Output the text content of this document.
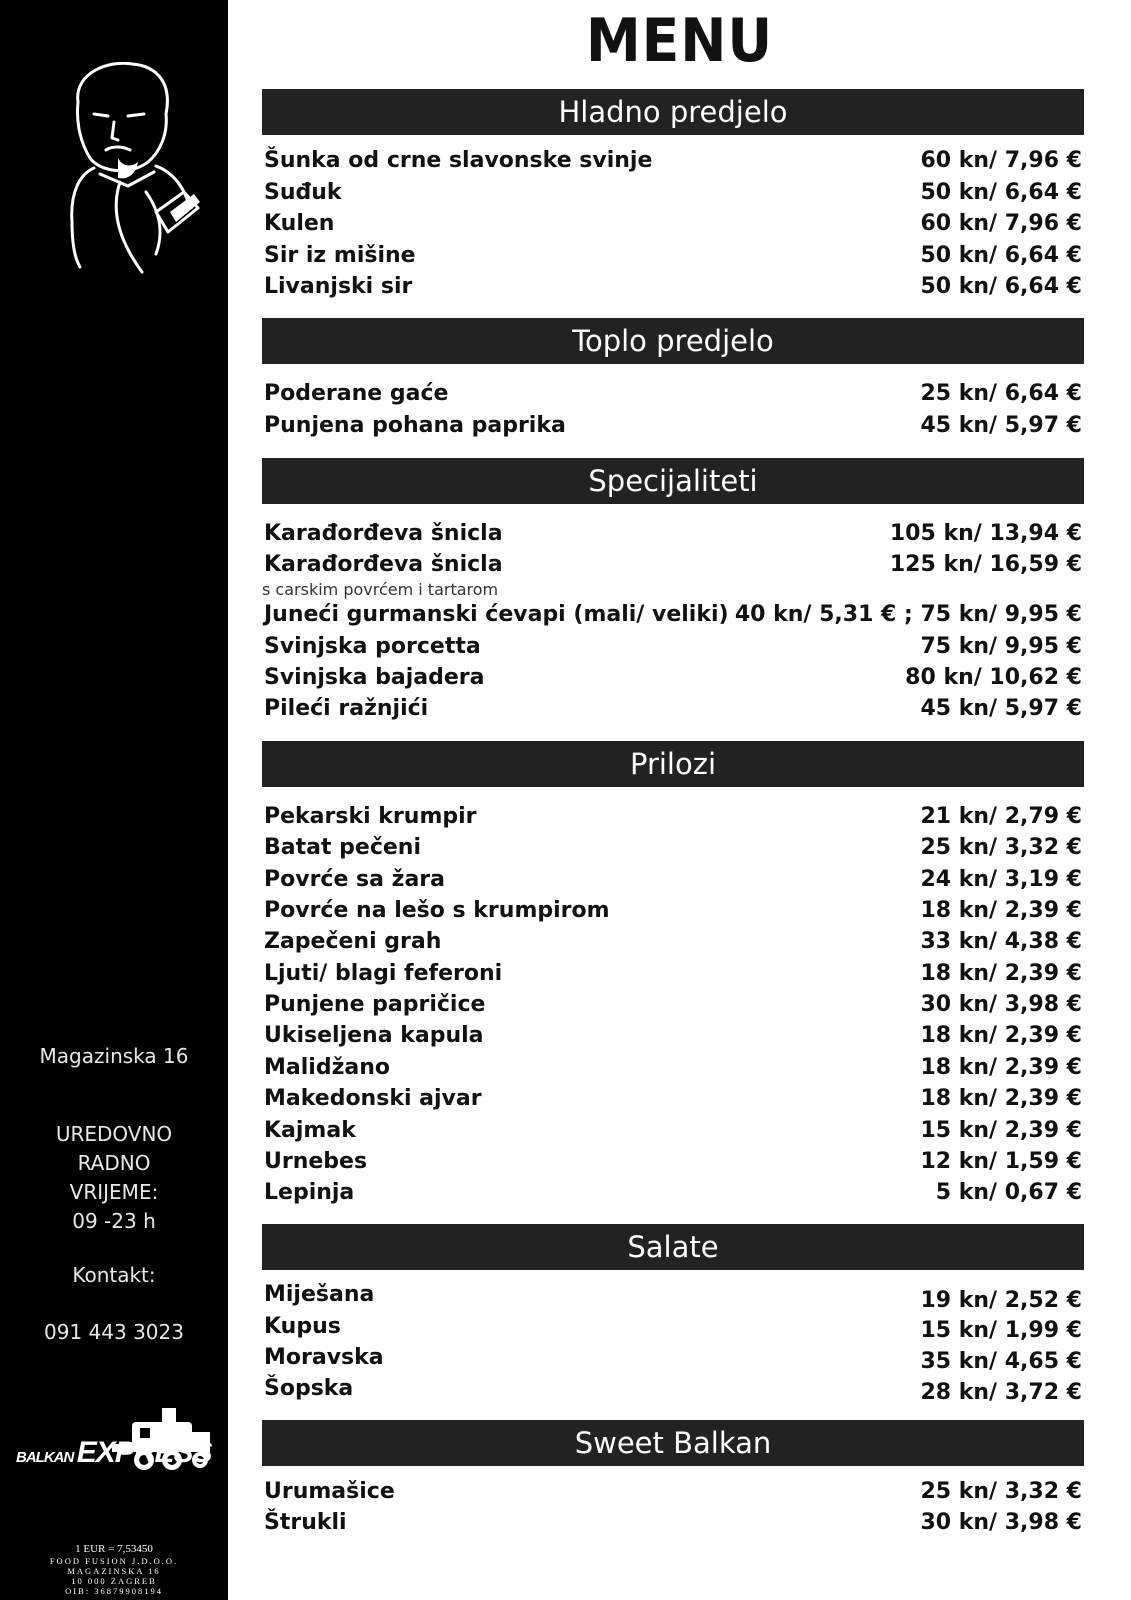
Magazinska 16
UREDOVNO
RADNO
VRIJEME:
09 -23 h
Kontakt:
091 443 3023
BALKAN EXPRESS
1 EUR = 7,53450
FOOD FUSION J.D.O.O.
MAGAZINSKA 16
10 000 ZAGREB
OIB: 36879908194
MENU
Hladno predjelo
Šunka od crne slavonske svinje	60 kn/ 7,96 €
Suđuk	50 kn/ 6,64 €
Kulen	60 kn/ 7,96 €
Sir iz mišine	50 kn/ 6,64 €
Livanjski sir	50 kn/ 6,64 €
Toplo predjelo
Poderane gaće	25 kn/ 6,64 €
Punjena pohana paprika	45 kn/ 5,97 €
Specijaliteti
Karađorđeva šnicla	105 kn/ 13,94 €
Karađorđeva šnicla	125 kn/ 16,59 €
s carskim povrćem i tartarom
Juneći gurmanski ćevapi (mali/ veliki) 40 kn/ 5,31 € ; 75 kn/ 9,95 €
Svinjska porcetta	75 kn/ 9,95 €
Svinjska bajadera	80 kn/ 10,62 €
Pileći ražnjići	45 kn/ 5,97 €
Prilozi
Pekarski krumpir	21 kn/ 2,79 €
Batat pečeni	25 kn/ 3,32 €
Povrće sa žara	24 kn/ 3,19 €
Povrće na lešo s krumpirom	18 kn/ 2,39 €
Zapečeni grah	33 kn/ 4,38 €
Ljuti/ blagi feferoni	18 kn/ 2,39 €
Punjene papričice	30 kn/ 3,98 €
Ukiseljena kapula	18 kn/ 2,39 €
Malidžano	18 kn/ 2,39 €
Makedonski ajvar	18 kn/ 2,39 €
Kajmak	15 kn/ 2,39 €
Urnebes	12 kn/ 1,59 €
Lepinja	5 kn/ 0,67 €
Salate
Miješana	19 kn/ 2,52 €
Kupus	15 kn/ 1,99 €
Moravska	35 kn/ 4,65 €
Šopska	28 kn/ 3,72 €
Sweet Balkan
Urumašice	25 kn/ 3,32 €
Štrukli	30 kn/ 3,98 €
